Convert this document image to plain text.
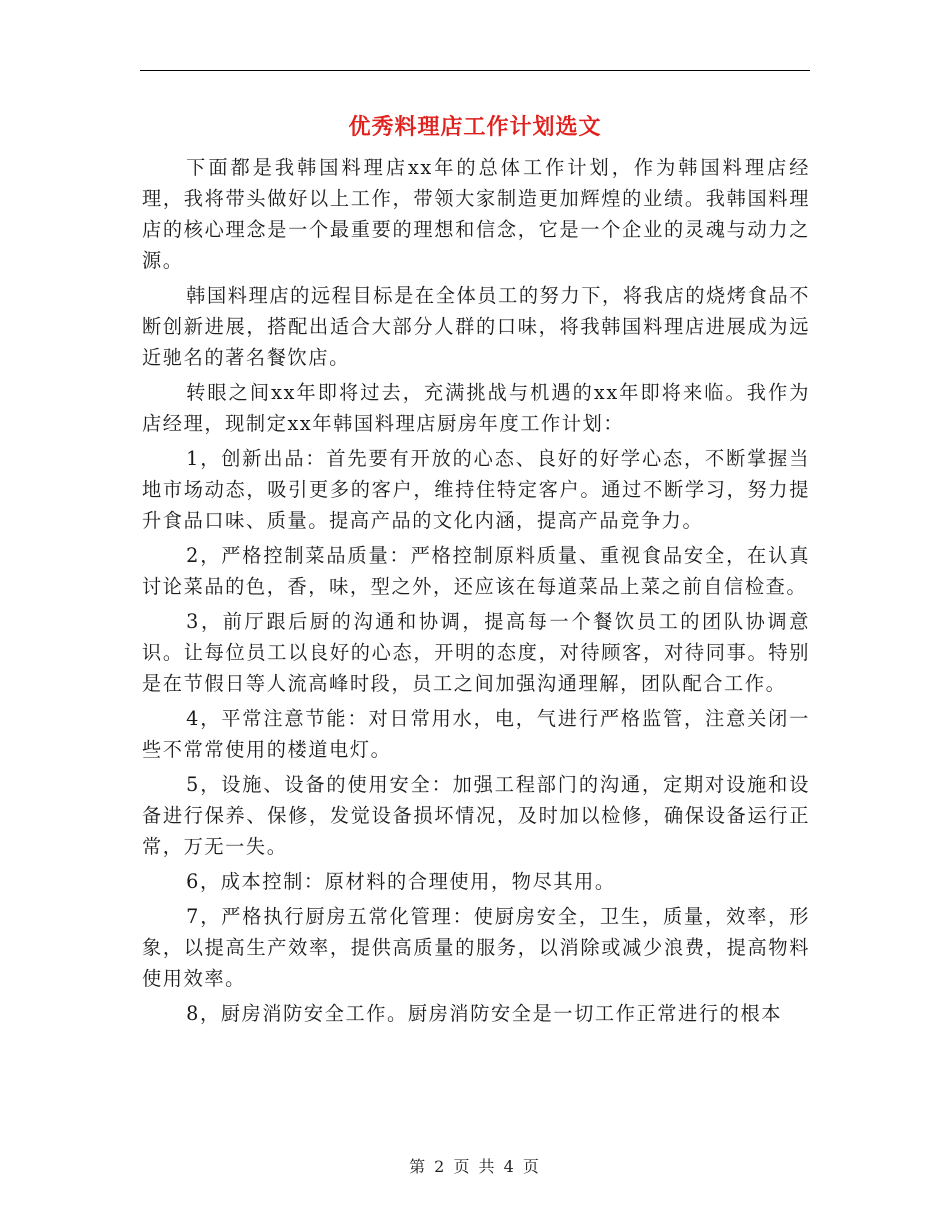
优秀料理店工作计划选文

下面都是我韩国料理店xx年的总体工作计划，作为韩国料理店经理，我将带头做好以上工作，带领大家制造更加辉煌的业绩。我韩国料理店的核心理念是一个最重要的理想和信念，它是一个企业的灵魂与动力之源。

韩国料理店的远程目标是在全体员工的努力下，将我店的烧烤食品不断创新进展，搭配出适合大部分人群的口味，将我韩国料理店进展成为远近驰名的著名餐饮店。

转眼之间xx年即将过去，充满挑战与机遇的xx年即将来临。我作为店经理，现制定xx年韩国料理店厨房年度工作计划：

1，创新出品：首先要有开放的心态、良好的好学心态，不断掌握当地市场动态，吸引更多的客户，维持住特定客户。通过不断学习，努力提升食品口味、质量。提高产品的文化内涵，提高产品竞争力。

2，严格控制菜品质量：严格控制原料质量、重视食品安全，在认真讨论菜品的色，香，味，型之外，还应该在每道菜品上菜之前自信检查。

3，前厅跟后厨的沟通和协调，提高每一个餐饮员工的团队协调意识。让每位员工以良好的心态，开明的态度，对待顾客，对待同事。特别是在节假日等人流高峰时段，员工之间加强沟通理解，团队配合工作。

4，平常注意节能：对日常用水，电，气进行严格监管，注意关闭一些不常常使用的楼道电灯。

5，设施、设备的使用安全：加强工程部门的沟通，定期对设施和设备进行保养、保修，发觉设备损坏情况，及时加以检修，确保设备运行正常，万无一失。

6，成本控制：原材料的合理使用，物尽其用。

7，严格执行厨房五常化管理：使厨房安全，卫生，质量，效率，形象，以提高生产效率，提供高质量的服务，以消除或减少浪费，提高物料使用效率。

8，厨房消防安全工作。厨房消防安全是一切工作正常进行的根本

第 2 页 共 4 页
